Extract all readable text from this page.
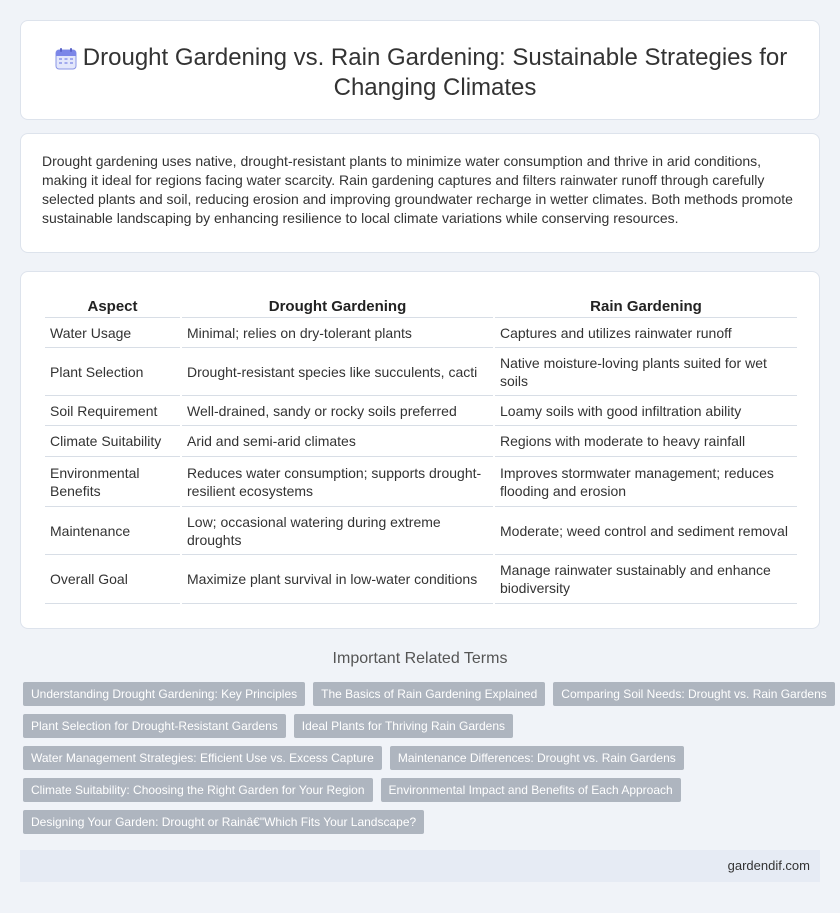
Drought Gardening vs. Rain Gardening: Sustainable Strategies for Changing Climates

Drought gardening uses native, drought-resistant plants to minimize water consumption and thrive in arid conditions, making it ideal for regions facing water scarcity. Rain gardening captures and filters rainwater runoff through carefully selected plants and soil, reducing erosion and improving groundwater recharge in wetter climates. Both methods promote sustainable landscaping by enhancing resilience to local climate variations while conserving resources.

Aspect	Drought Gardening	Rain Gardening
Water Usage	Minimal; relies on dry-tolerant plants	Captures and utilizes rainwater runoff
Plant Selection	Drought-resistant species like succulents, cacti	Native moisture-loving plants suited for wet soils
Soil Requirement	Well-drained, sandy or rocky soils preferred	Loamy soils with good infiltration ability
Climate Suitability	Arid and semi-arid climates	Regions with moderate to heavy rainfall
Environmental Benefits	Reduces water consumption; supports drought-resilient ecosystems	Improves stormwater management; reduces flooding and erosion
Maintenance	Low; occasional watering during extreme droughts	Moderate; weed control and sediment removal
Overall Goal	Maximize plant survival in low-water conditions	Manage rainwater sustainably and enhance biodiversity
Important Related Terms
Understanding Drought Gardening: Key Principles	The Basics of Rain Gardening Explained	Comparing Soil Needs: Drought vs. Rain Gardens
Plant Selection for Drought-Resistant Gardens	Ideal Plants for Thriving Rain Gardens
Water Management Strategies: Efficient Use vs. Excess Capture	Maintenance Differences: Drought vs. Rain Gardens
Climate Suitability: Choosing the Right Garden for Your Region	Environmental Impact and Benefits of Each Approach
Designing Your Garden: Drought or Rainâ€"Which Fits Your Landscape?
gardendif.com
